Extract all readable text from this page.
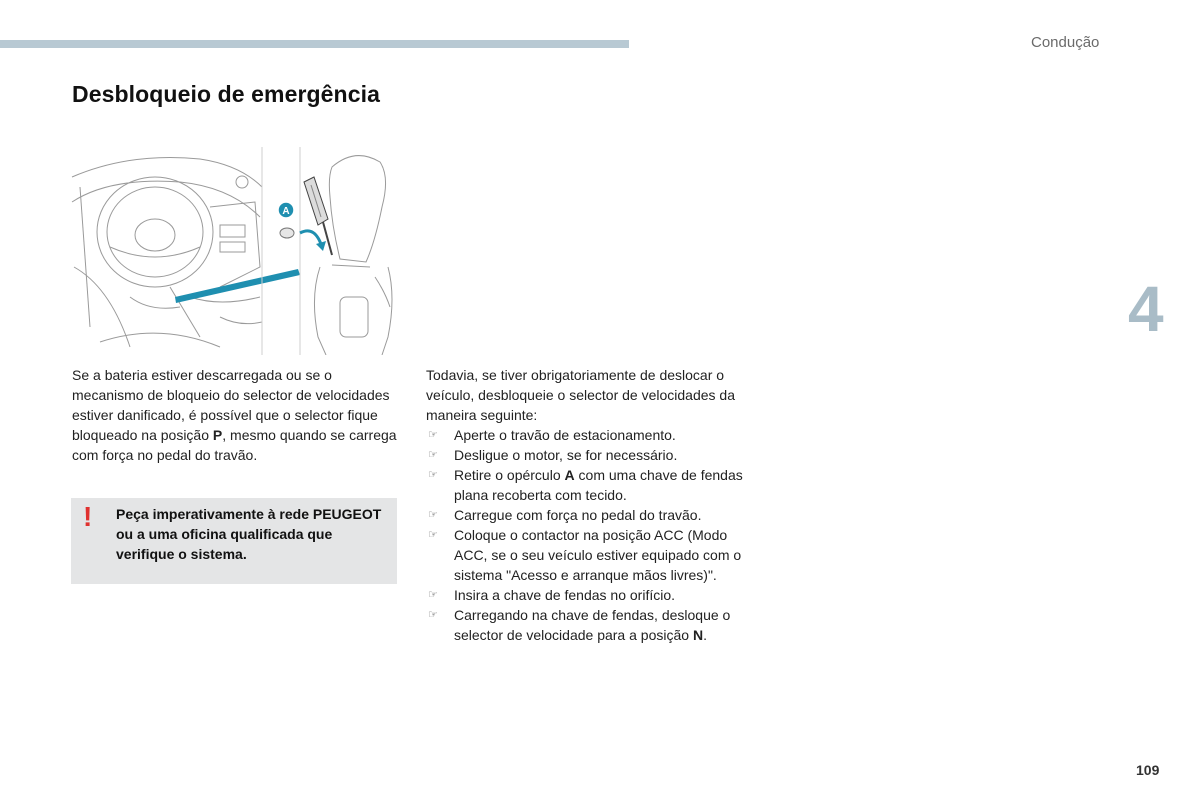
Condução
Desbloqueio de emergência
A
Se a bateria estiver descarregada ou se o mecanismo de bloqueio do selector de velocidades estiver danificado, é possível que o selector fique bloqueado na posição P, mesmo quando se carrega com força no pedal do travão.
! Peça imperativamente à rede PEUGEOT ou a uma oficina qualificada que verifique o sistema.
Todavia, se tiver obrigatoriamente de deslocar o veículo, desbloqueie o selector de velocidades da maneira seguinte:
☞ Aperte o travão de estacionamento.
☞ Desligue o motor, se for necessário.
☞ Retire o opérculo A com uma chave de fendas plana recoberta com tecido.
☞ Carregue com força no pedal do travão.
☞ Coloque o contactor na posição ACC (Modo ACC, se o seu veículo estiver equipado com o sistema "Acesso e arranque mãos livres)".
☞ Insira a chave de fendas no orifício.
☞ Carregando na chave de fendas, desloque o selector de velocidade para a posição N.
4
109
